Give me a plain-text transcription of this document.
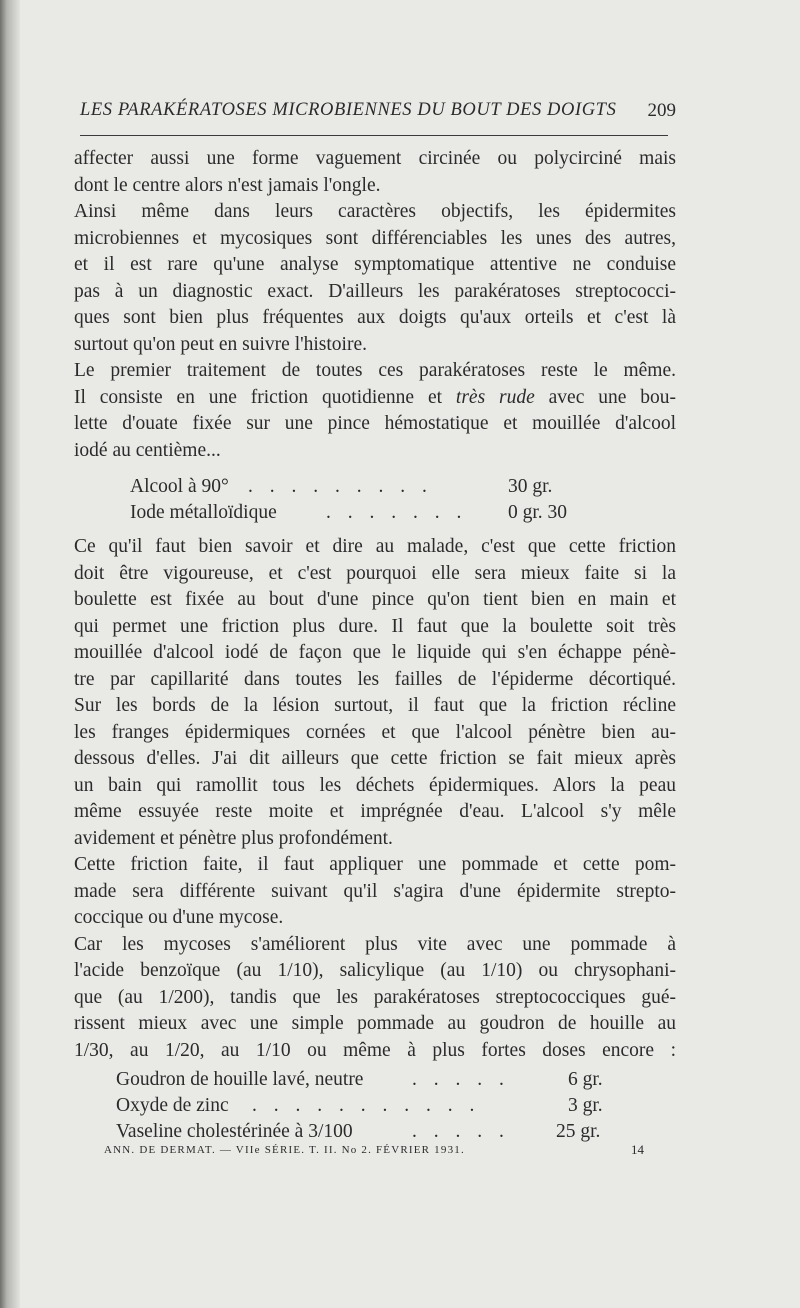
LES PARAKÉRATOSES MICROBIENNES DU BOUT DES DOIGTS 209
affecter aussi une forme vaguement circinée ou polycirciné mais
dont le centre alors n'est jamais l'ongle.
Ainsi même dans leurs caractères objectifs, les épidermites
microbiennes et mycosiques sont différenciables les unes des autres,
et il est rare qu'une analyse symptomatique attentive ne conduise
pas à un diagnostic exact. D'ailleurs les parakératoses streptococci-
ques sont bien plus fréquentes aux doigts qu'aux orteils et c'est là
surtout qu'on peut en suivre l'histoire.
Le premier traitement de toutes ces parakératoses reste le même.
Il consiste en une friction quotidienne et très rude avec une bou-
lette d'ouate fixée sur une pince hémostatique et mouillée d'alcool
iodé au centième...
Alcool à 90° . . . . . . . . .	30 gr.
Iode métalloïdique	. . . . . . . 0 gr. 30
Ce qu'il faut bien savoir et dire au malade, c'est que cette friction
doit être vigoureuse, et c'est pourquoi elle sera mieux faite si la
boulette est fixée au bout d'une pince qu'on tient bien en main et
qui permet une friction plus dure. Il faut que la boulette soit très
mouillée d'alcool iodé de façon que le liquide qui s'en échappe pénè-
tre par capillarité dans toutes les failles de l'épiderme décortiqué.
Sur les bords de la lésion surtout, il faut que la friction récline
les franges épidermiques cornées et que l'alcool pénètre bien au-
dessous d'elles. J'ai dit ailleurs que cette friction se fait mieux après
un bain qui ramollit tous les déchets épidermiques. Alors la peau
même essuyée reste moite et imprégnée d'eau. L'alcool s'y mêle
avidement et pénètre plus profondément.
Cette friction faite, il faut appliquer une pommade et cette pom-
made sera différente suivant qu'il s'agira d'une épidermite strepto-
coccique ou d'une mycose.
Car les mycoses s'améliorent plus vite avec une pommade à
l'acide benzoïque (au 1/10), salicylique (au 1/10) ou chrysophani-
que (au 1/200), tandis que les parakératoses streptococciques gué-
rissent mieux avec une simple pommade au goudron de houille au
1/30, au 1/20, au 1/10 ou même à plus fortes doses encore :
Goudron de houille lavé, neutre . . . . .	6 gr.
Oxyde de zinc . . . . . . . . . . .	3 gr.
Vaseline cholestérinée à 3/100	. . . . . 25 gr.
ANN. DE DERMAT. — VIIe SÉRIE. T. II. No 2. FÉVRIER 1931.	14
